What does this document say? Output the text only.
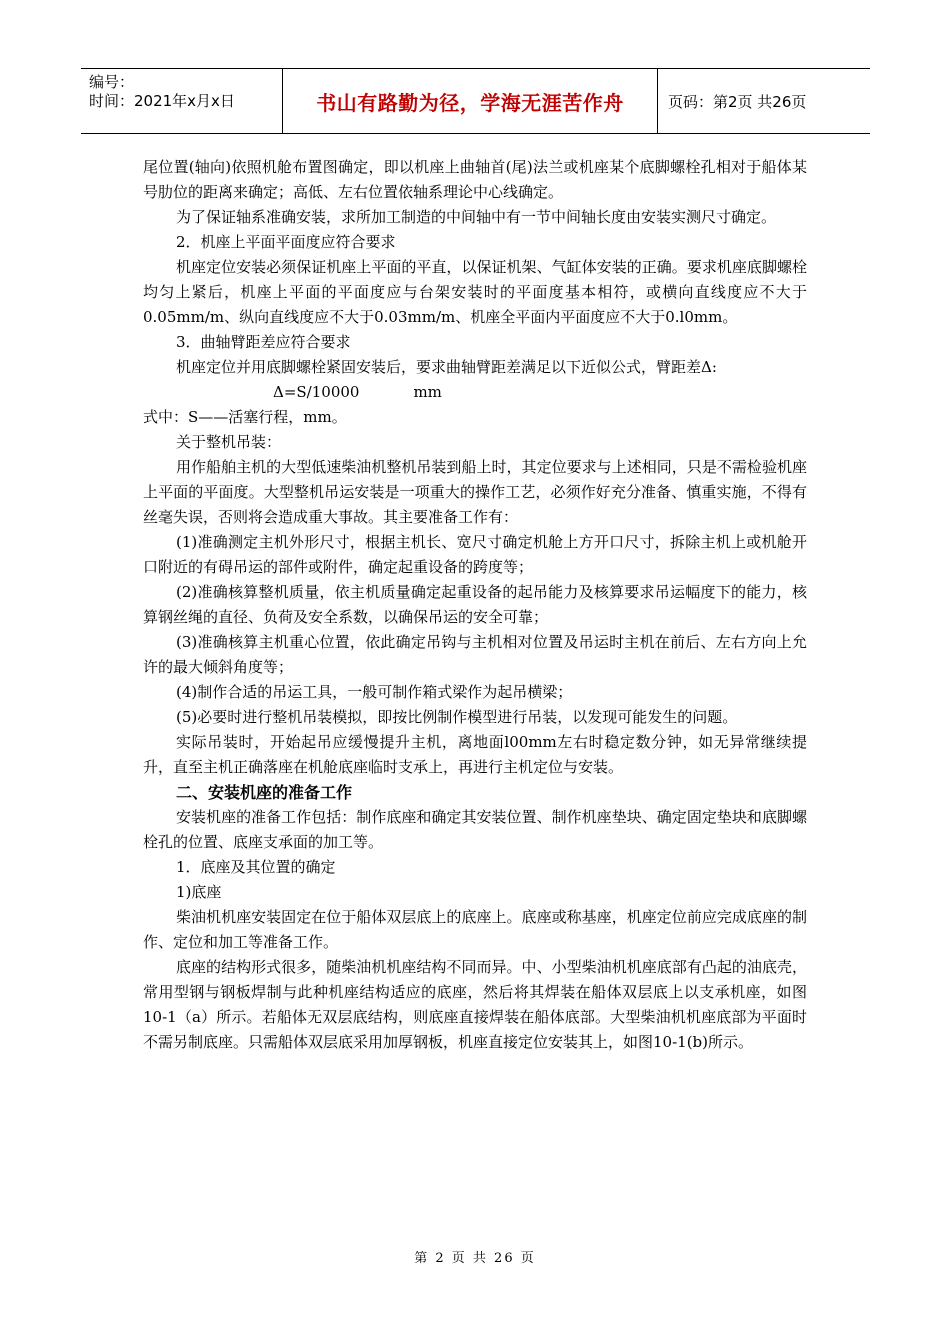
编号：
时间：2021年x月x日	书山有路勤为径，学海无涯苦作舟	页码：第2页 共26页

尾位置(轴向)依照机舱布置图确定，即以机座上曲轴首(尾)法兰或机座某个底脚螺栓孔相对于船体某号肋位的距离来确定；高低、左右位置依轴系理论中心线确定。

为了保证轴系准确安装，求所加工制造的中间轴中有一节中间轴长度由安装实测尺寸确定。

2．机座上平面平面度应符合要求

机座定位安装必须保证机座上平面的平直，以保证机架、气缸体安装的正确。要求机座底脚螺栓均匀上紧后，机座上平面的平面度应与台架安装时的平面度基本相符，或横向直线度应不大于0.05mm/m、纵向直线度应不大于0.03mm/m、机座全平面内平面度应不大于0.l0mm。

3．曲轴臂距差应符合要求

机座定位并用底脚螺栓紧固安装后，要求曲轴臂距差满足以下近似公式，臂距差Δ:

Δ=S/10000	mm

式中：S——活塞行程，mm。

关于整机吊装：

用作船舶主机的大型低速柴油机整机吊装到船上时，其定位要求与上述相同，只是不需检验机座上平面的平面度。大型整机吊运安装是一项重大的操作工艺，必须作好充分准备、慎重实施，不得有丝毫失误，否则将会造成重大事故。其主要准备工作有：

(1)准确测定主机外形尺寸，根据主机长、宽尺寸确定机舱上方开口尺寸，拆除主机上或机舱开口附近的有碍吊运的部件或附件，确定起重设备的跨度等；

(2)准确核算整机质量，依主机质量确定起重设备的起吊能力及核算要求吊运幅度下的能力，核算钢丝绳的直径、负荷及安全系数，以确保吊运的安全可靠；

(3)准确核算主机重心位置，依此确定吊钩与主机相对位置及吊运时主机在前后、左右方向上允许的最大倾斜角度等；

(4)制作合适的吊运工具，一般可制作箱式梁作为起吊横梁；

(5)必要时进行整机吊装模拟，即按比例制作模型进行吊装，以发现可能发生的问题。

实际吊装时，开始起吊应缓慢提升主机，离地面l00mm左右时稳定数分钟，如无异常继续提升，直至主机正确落座在机舱底座临时支承上，再进行主机定位与安装。

二、安装机座的准备工作

安装机座的准备工作包括：制作底座和确定其安装位置、制作机座垫块、确定固定垫块和底脚螺栓孔的位置、底座支承面的加工等。

1．底座及其位置的确定

1)底座

柴油机机座安装固定在位于船体双层底上的底座上。底座或称基座，机座定位前应完成底座的制作、定位和加工等准备工作。

底座的结构形式很多，随柴油机机座结构不同而异。中、小型柴油机机座底部有凸起的油底壳，常用型钢与钢板焊制与此种机座结构适应的底座，然后将其焊装在船体双层底上以支承机座，如图10-1（a）所示。若船体无双层底结构，则底座直接焊装在船体底部。大型柴油机机座底部为平面时不需另制底座。只需船体双层底采用加厚钢板，机座直接定位安装其上，如图10-1(b)所示。

第 2 页 共 26 页
